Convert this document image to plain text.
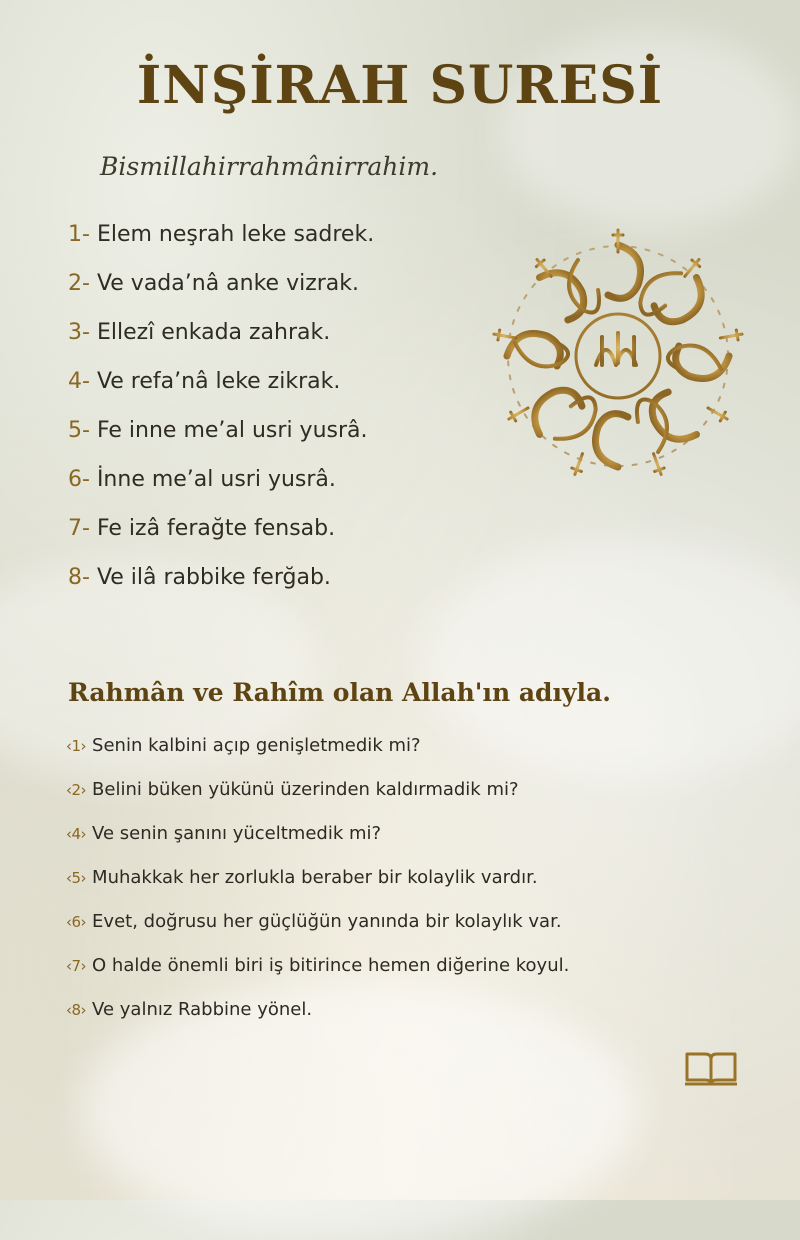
İNŞİRAH SURESİ
Bismillahirrahmânirrahim.
1- Elem neşrah leke sadrek.
2- Ve vada’nâ anke vizrak.
3- Ellezî enkada zahrak.
4- Ve refa’nâ leke zikrak.
5- Fe inne me’al usri yusrâ.
6- İnne me’al usri yusrâ.
7- Fe izâ ferağte fensab.
8- Ve ilâ rabbike ferğab.
Rahmân ve Rahîm olan Allah'ın adıyla.
‹1› Senin kalbini açıp genişletmedik mi?
‹2› Belini büken yükünü üzerinden kaldırmadik mi?
‹4› Ve senin şanını yüceltmedik mi?
‹5› Muhakkak her zorlukla beraber bir kolaylik vardır.
‹6› Evet, doğrusu her güçlüğün yanında bir kolaylık var.
‹7› O halde önemli biri iş bitirince hemen diğerine koyul.
‹8› Ve yalnız Rabbine yönel.
